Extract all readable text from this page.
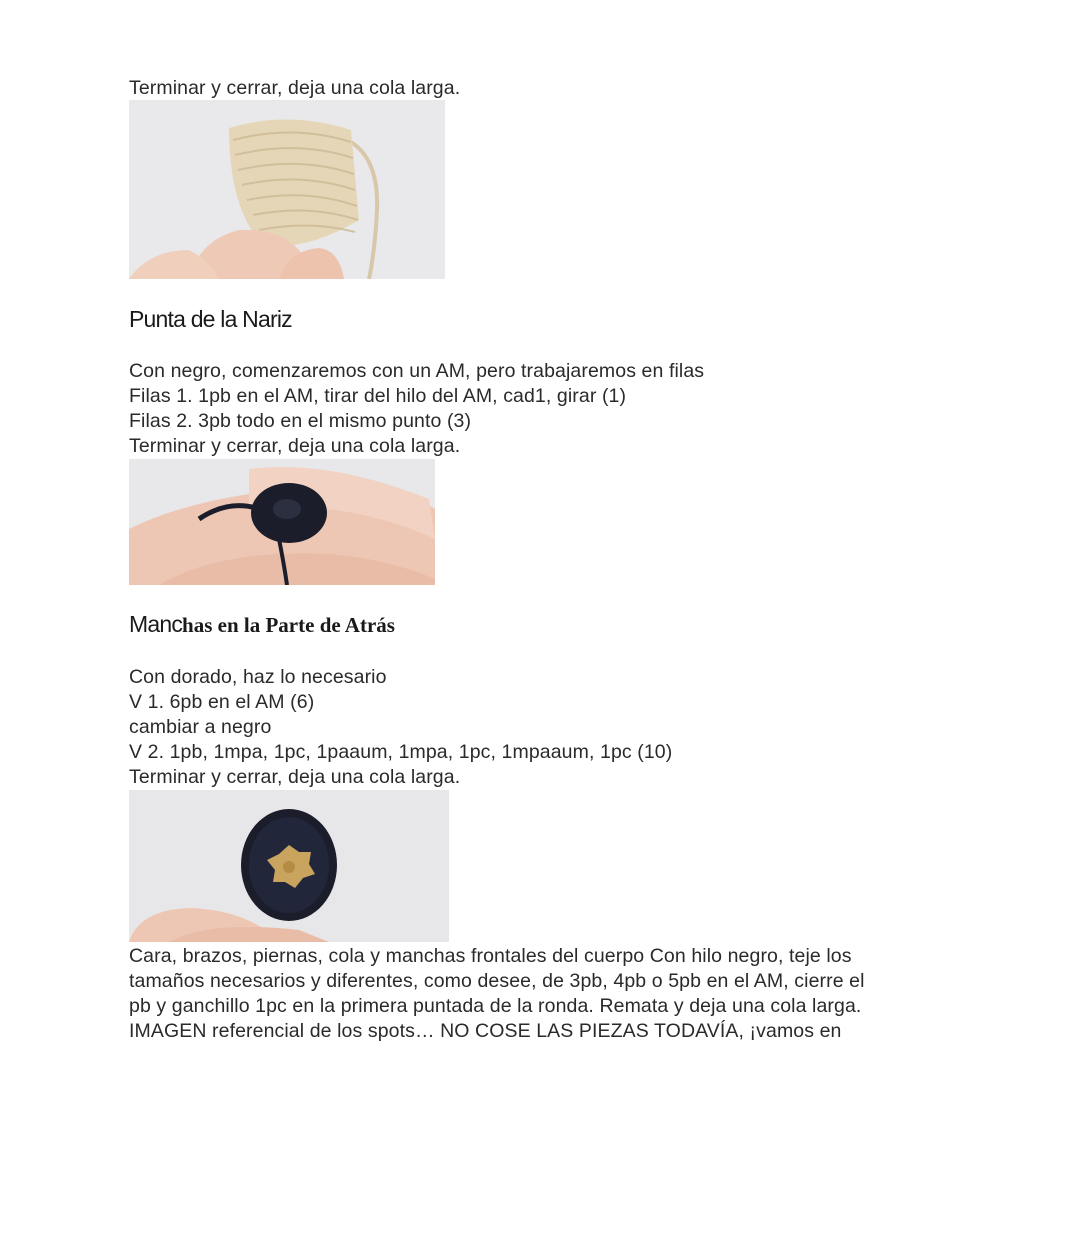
Terminar y cerrar, deja una cola larga.
Punta de la Nariz
Con negro, comenzaremos con un AM, pero trabajaremos en filas
Filas 1. 1pb en el AM, tirar del hilo del AM, cad1, girar (1)
Filas 2. 3pb todo en el mismo punto (3)
Terminar y cerrar, deja una cola larga.
Manchas en la Parte de Atrás
Con dorado, haz lo necesario
V 1. 6pb en el AM (6)
cambiar a negro
V 2. 1pb, 1mpa, 1pc, 1paaum, 1mpa, 1pc, 1mpaaum, 1pc (10)
Terminar y cerrar, deja una cola larga.
Cara, brazos, piernas, cola y manchas frontales del cuerpo Con hilo negro, teje los
tamaños necesarios y diferentes, como desee, de 3pb, 4pb o 5pb en el AM, cierre el
pb y ganchillo 1pc en la primera puntada de la ronda. Remata y deja una cola larga.
IMAGEN referencial de los spots… NO COSE LAS PIEZAS TODAVÍA, ¡vamos en
